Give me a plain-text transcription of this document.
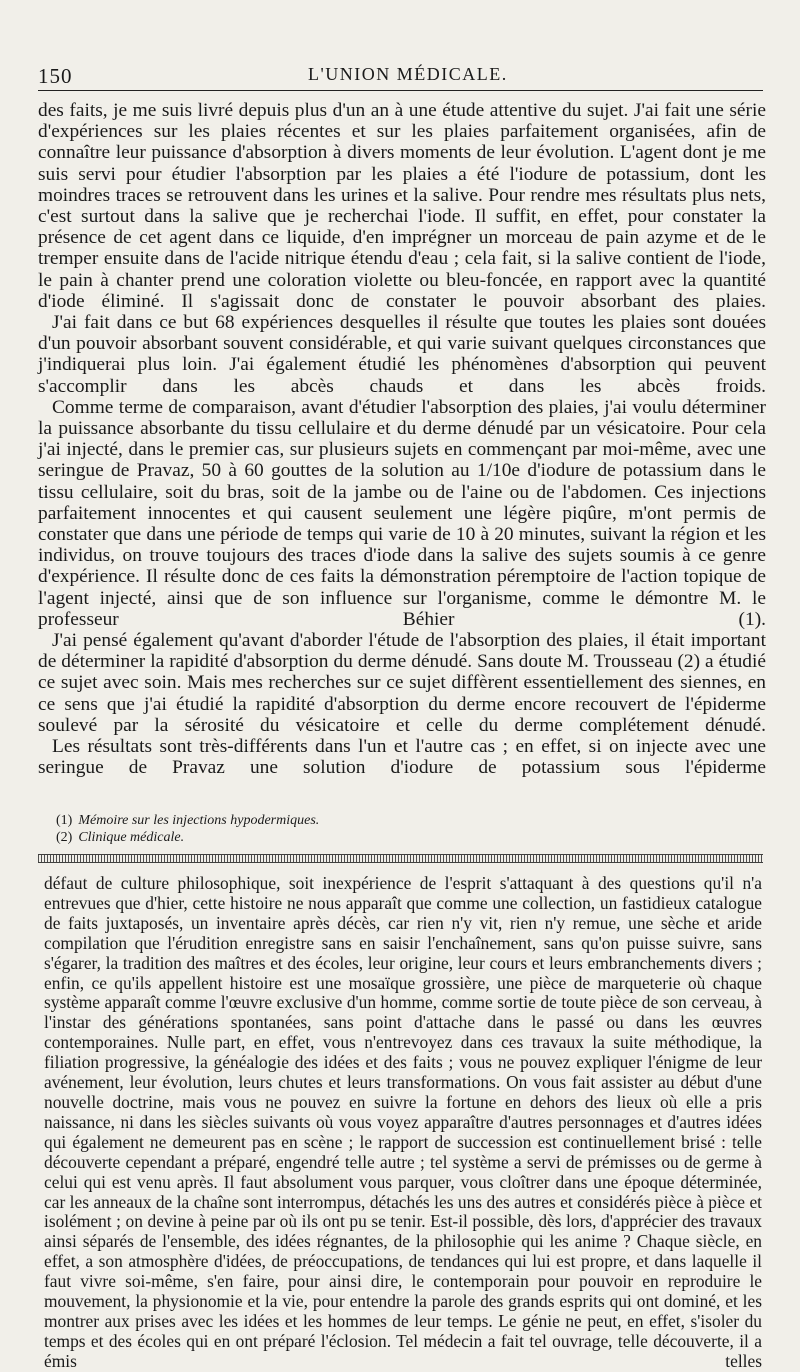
150	L'UNION MÉDICALE.

des faits, je me suis livré depuis plus d'un an à une étude attentive du sujet. J'ai fait une série d'expériences sur les plaies récentes et sur les plaies parfaitement organisées, afin de connaître leur puissance d'absorption à divers moments de leur évolution. L'agent dont je me suis servi pour étudier l'absorption par les plaies a été l'iodure de potassium, dont les moindres traces se retrouvent dans les urines et la salive. Pour rendre mes résultats plus nets, c'est surtout dans la salive que je recherchai l'iode. Il suffit, en effet, pour constater la présence de cet agent dans ce liquide, d'en imprégner un morceau de pain azyme et de le tremper ensuite dans de l'acide nitrique étendu d'eau ; cela fait, si la salive contient de l'iode, le pain à chanter prend une coloration violette ou bleu-foncée, en rapport avec la quantité d'iode éliminé. Il s'agissait donc de constater le pouvoir absorbant des plaies.

J'ai fait dans ce but 68 expériences desquelles il résulte que toutes les plaies sont douées d'un pouvoir absorbant souvent considérable, et qui varie suivant quelques circonstances que j'indiquerai plus loin. J'ai également étudié les phénomènes d'absorption qui peuvent s'accomplir dans les abcès chauds et dans les abcès froids.

Comme terme de comparaison, avant d'étudier l'absorption des plaies, j'ai voulu déterminer la puissance absorbante du tissu cellulaire et du derme dénudé par un vésicatoire. Pour cela j'ai injecté, dans le premier cas, sur plusieurs sujets en commençant par moi-même, avec une seringue de Pravaz, 50 à 60 gouttes de la solution au 1/10e d'iodure de potassium dans le tissu cellulaire, soit du bras, soit de la jambe ou de l'aine ou de l'abdomen. Ces injections parfaitement innocentes et qui causent seulement une légère piqûre, m'ont permis de constater que dans une période de temps qui varie de 10 à 20 minutes, suivant la région et les individus, on trouve toujours des traces d'iode dans la salive des sujets soumis à ce genre d'expérience. Il résulte donc de ces faits la démonstration péremptoire de l'action topique de l'agent injecté, ainsi que de son influence sur l'organisme, comme le démontre M. le professeur Béhier (1).

J'ai pensé également qu'avant d'aborder l'étude de l'absorption des plaies, il était important de déterminer la rapidité d'absorption du derme dénudé. Sans doute M. Trousseau (2) a étudié ce sujet avec soin. Mais mes recherches sur ce sujet diffèrent essentiellement des siennes, en ce sens que j'ai étudié la rapidité d'absorption du derme encore recouvert de l'épiderme soulevé par la sérosité du vésicatoire et celle du derme complétement dénudé.

Les résultats sont très-différents dans l'un et l'autre cas ; en effet, si on injecte avec une seringue de Pravaz une solution d'iodure de potassium sous l'épiderme

(1) Mémoire sur les injections hypodermiques.
(2) Clinique médicale.

défaut de culture philosophique, soit inexpérience de l'esprit s'attaquant à des questions qu'il n'a entrevues que d'hier, cette histoire ne nous apparaît que comme une collection, un fastidieux catalogue de faits juxtaposés, un inventaire après décès, car rien n'y vit, rien n'y remue, une sèche et aride compilation que l'érudition enregistre sans en saisir l'enchaînement, sans qu'on puisse suivre, sans s'égarer, la tradition des maîtres et des écoles, leur origine, leur cours et leurs embranchements divers ; enfin, ce qu'ils appellent histoire est une mosaïque grossière, une pièce de marqueterie où chaque système apparaît comme l'œuvre exclusive d'un homme, comme sortie de toute pièce de son cerveau, à l'instar des générations spontanées, sans point d'attache dans le passé ou dans les œuvres contemporaines. Nulle part, en effet, vous n'entrevoyez dans ces travaux la suite méthodique, la filiation progressive, la généalogie des idées et des faits ; vous ne pouvez expliquer l'énigme de leur avénement, leur évolution, leurs chutes et leurs transformations. On vous fait assister au début d'une nouvelle doctrine, mais vous ne pouvez en suivre la fortune en dehors des lieux où elle a pris naissance, ni dans les siècles suivants où vous voyez apparaître d'autres personnages et d'autres idées qui également ne demeurent pas en scène ; le rapport de succession est continuellement brisé : telle découverte cependant a préparé, engendré telle autre ; tel système a servi de prémisses ou de germe à celui qui est venu après. Il faut absolument vous parquer, vous cloîtrer dans une époque déterminée, car les anneaux de la chaîne sont interrompus, détachés les uns des autres et considérés pièce à pièce et isolément ; on devine à peine par où ils ont pu se tenir. Est-il possible, dès lors, d'apprécier des travaux ainsi séparés de l'ensemble, des idées régnantes, de la philosophie qui les anime ? Chaque siècle, en effet, a son atmosphère d'idées, de préoccupations, de tendances qui lui est propre, et dans laquelle il faut vivre soi-même, s'en faire, pour ainsi dire, le contemporain pour pouvoir en reproduire le mouvement, la physionomie et la vie, pour entendre la parole des grands esprits qui ont dominé, et les montrer aux prises avec les idées et les hommes de leur temps. Le génie ne peut, en effet, s'isoler du temps et des écoles qui en ont préparé l'éclosion. Tel médecin a fait tel ouvrage, telle découverte, il a émis telles
